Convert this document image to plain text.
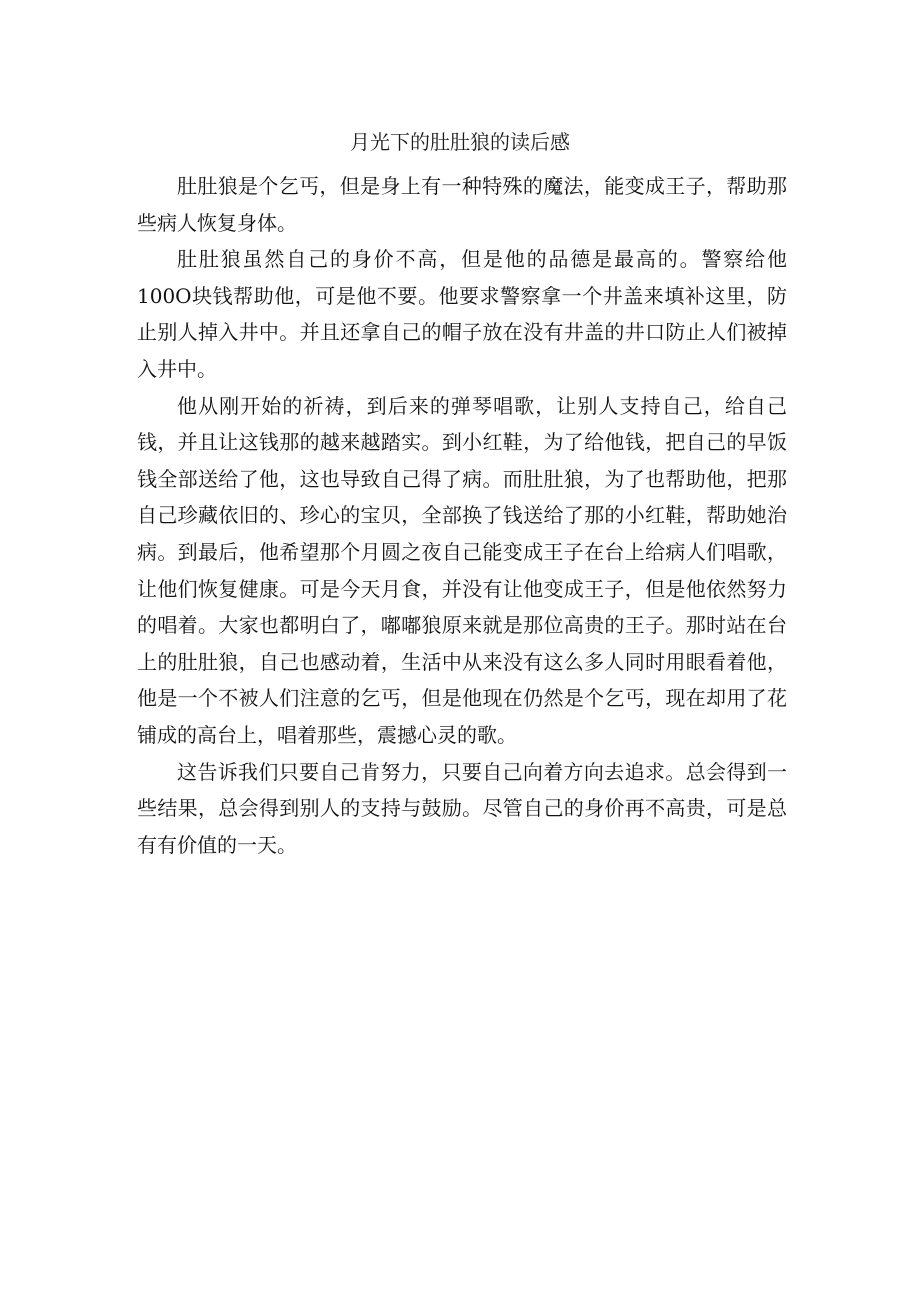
月光下的肚肚狼的读后感

肚肚狼是个乞丐，但是身上有一种特殊的魔法，能变成王子，帮助那些病人恢复身体。

肚肚狼虽然自己的身价不高，但是他的品德是最高的。警察给他100O块钱帮助他，可是他不要。他要求警察拿一个井盖来填补这里，防止别人掉入井中。并且还拿自己的帽子放在没有井盖的井口防止人们被掉入井中。

他从刚开始的祈祷，到后来的弹琴唱歌，让别人支持自己，给自己钱，并且让这钱那的越来越踏实。到小红鞋，为了给他钱，把自己的早饭钱全部送给了他，这也导致自己得了病。而肚肚狼，为了也帮助他，把那自己珍藏依旧的、珍心的宝贝，全部换了钱送给了那的小红鞋，帮助她治病。到最后，他希望那个月圆之夜自己能变成王子在台上给病人们唱歌，让他们恢复健康。可是今天月食，并没有让他变成王子，但是他依然努力的唱着。大家也都明白了，嘟嘟狼原来就是那位高贵的王子。那时站在台上的肚肚狼，自己也感动着，生活中从来没有这么多人同时用眼看着他，他是一个不被人们注意的乞丐，但是他现在仍然是个乞丐，现在却用了花铺成的高台上，唱着那些，震撼心灵的歌。

这告诉我们只要自己肯努力，只要自己向着方向去追求。总会得到一些结果，总会得到别人的支持与鼓励。尽管自己的身价再不高贵，可是总有有价值的一天。
